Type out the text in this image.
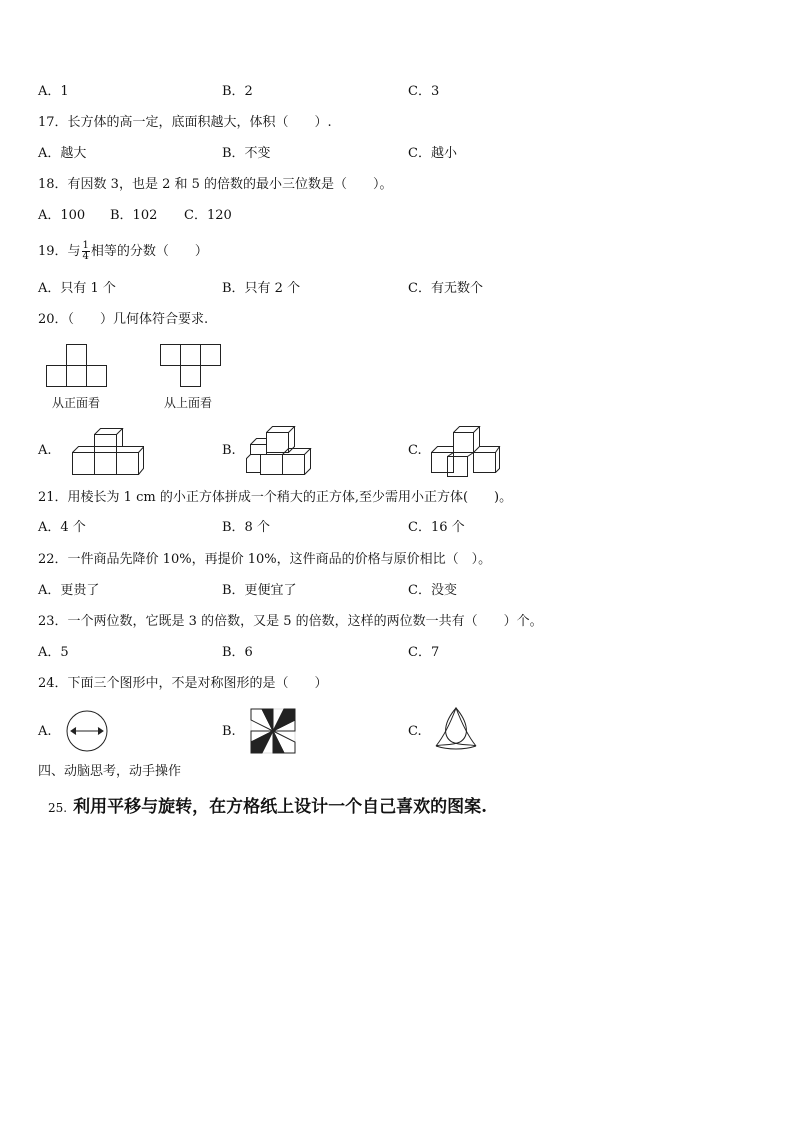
A．1	B．2	C．3
17．长方体的高一定，底面积越大，体积（　　）.
A．越大	B．不变	C．越小
18．有因数 3，也是 2 和 5 的倍数的最小三位数是（　　）。
A．100 B．102 C．120
19．与 $\frac{1}{4}$ 相等的分数（　　）
A．只有 1 个	B．只有 2 个	C．有无数个
20．（　　）几何体符合要求.
从正面看	从上面看
A.	B.	C.
21．用棱长为 1 cm 的小正方体拼成一个稍大的正方体,至少需用小正方体(　　)。
A．4 个	B．8 个	C．16 个
22．一件商品先降价 10%，再提价 10%，这件商品的价格与原价相比（　）。
A．更贵了	B．更便宜了	C．没变
23．一个两位数，它既是 3 的倍数，又是 5 的倍数，这样的两位数一共有（　　）个。
A．5	B．6	C．7
24．下面三个图形中，不是对称图形的是（　　）
A.	B.	C.
四、动脑思考，动手操作
25. 利用平移与旋转，在方格纸上设计一个自己喜欢的图案.
